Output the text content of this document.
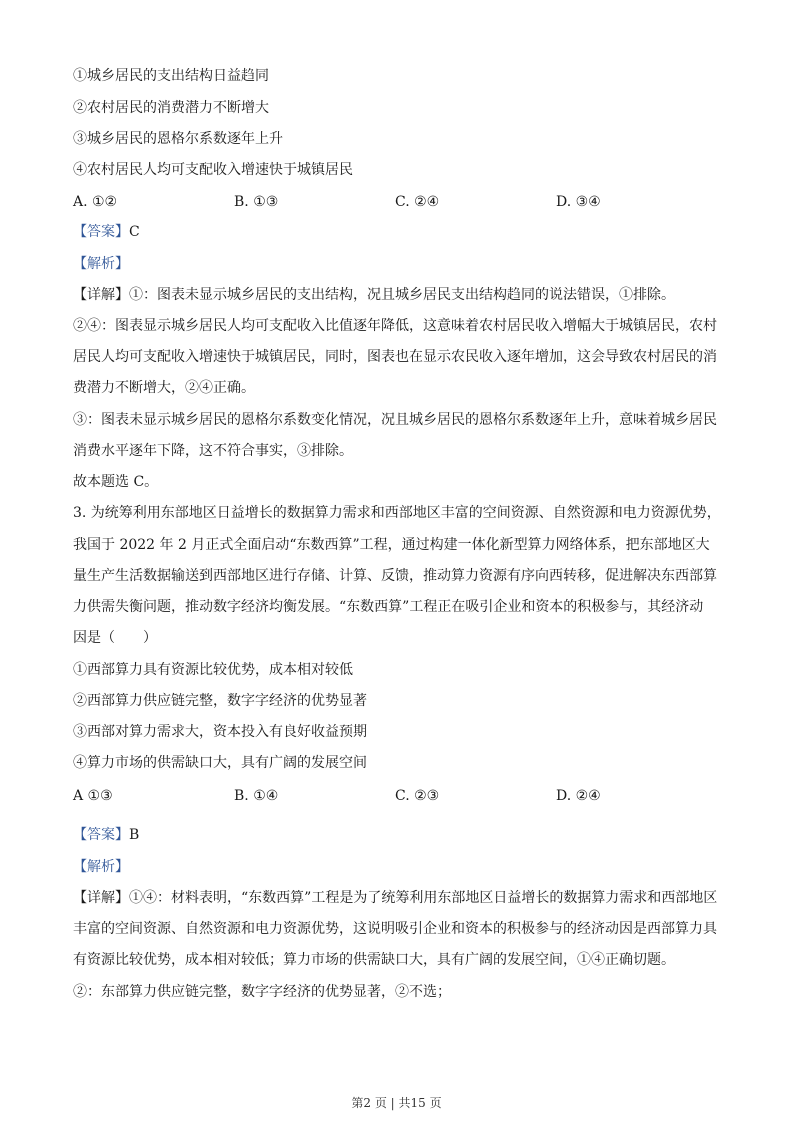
①城乡居民的支出结构日益趋同

②农村居民的消费潜力不断增大

③城乡居民的恩格尔系数逐年上升

④农村居民人均可支配收入增速快于城镇居民

A. ①②	B. ①③	C. ②④	D. ③④

【答案】C

【解析】

【详解】①：图表未显示城乡居民的支出结构，况且城乡居民支出结构趋同的说法错误，①排除。

②④：图表显示城乡居民人均可支配收入比值逐年降低，这意味着农村居民收入增幅大于城镇居民，农村

居民人均可支配收入增速快于城镇居民，同时，图表也在显示农民收入逐年增加，这会导致农村居民的消

费潜力不断增大，②④正确。

③：图表未显示城乡居民的恩格尔系数变化情况，况且城乡居民的恩格尔系数逐年上升，意味着城乡居民

消费水平逐年下降，这不符合事实，③排除。

故本题选 C。

3. 为统筹利用东部地区日益增长的数据算力需求和西部地区丰富的空间资源、自然资源和电力资源优势，

我国于 2022 年 2 月正式全面启动“东数西算”工程，通过构建一体化新型算力网络体系，把东部地区大

量生产生活数据输送到西部地区进行存储、计算、反馈，推动算力资源有序向西转移，促进解决东西部算

力供需失衡问题，推动数字经济均衡发展。“东数西算”工程正在吸引企业和资本的积极参与，其经济动

因是（　　）

①西部算力具有资源比较优势，成本相对较低

②西部算力供应链完整，数字字经济的优势显著

③西部对算力需求大，资本投入有良好收益预期

④算力市场的供需缺口大，具有广阔的发展空间

A ①③	B. ①④	C. ②③	D. ②④

【答案】B

【解析】

【详解】①④：材料表明，“东数西算”工程是为了统筹利用东部地区日益增长的数据算力需求和西部地区

丰富的空间资源、自然资源和电力资源优势，这说明吸引企业和资本的积极参与的经济动因是西部算力具

有资源比较优势，成本相对较低；算力市场的供需缺口大，具有广阔的发展空间，①④正确切题。

②：东部算力供应链完整，数字字经济的优势显著，②不选；

第2 页 | 共15 页
